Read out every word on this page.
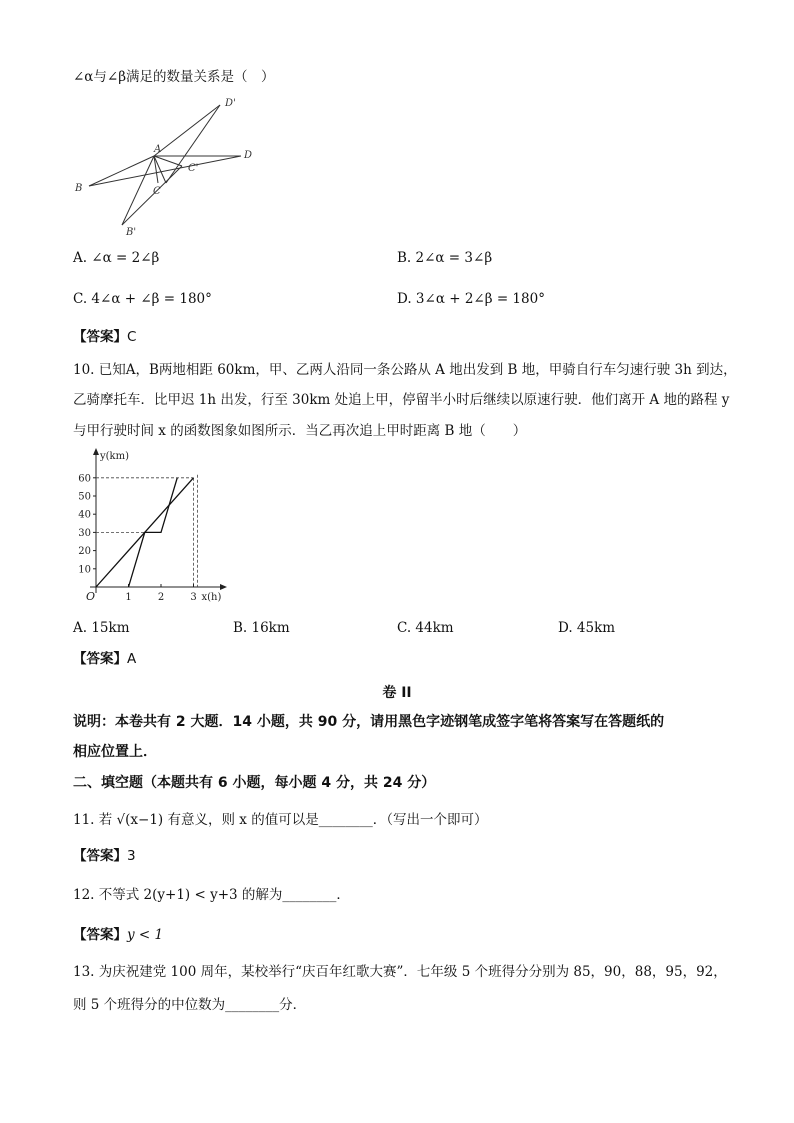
∠α与∠β满足的数量关系是（　）
A
B
D
D'
C
C'
B'
A. ∠α = 2∠β	B. 2∠α = 3∠β
C. 4∠α + ∠β = 180°	D. 3∠α + 2∠β = 180°
【答案】C
10. 已知A，B两地相距 60km，甲、乙两人沿同一条公路从 A 地出发到 B 地，甲骑自行车匀速行驶 3h 到达，
乙骑摩托车．比甲迟 1h 出发，行至 30km 处追上甲，停留半小时后继续以原速行驶．他们离开 A 地的路程 y
与甲行驶时间 x 的函数图象如图所示．当乙再次追上甲时距离 B 地（　　）
10
20
30
40
50
60
1	2	3
y(km)
x(h)
O
A. 15km	B. 16km	C. 44km	D. 45km
【答案】A
卷 II
说明：本卷共有 2 大题．14 小题，共 90 分，请用黑色字迹钢笔成签字笔将答案写在答题纸的
相应位置上．
二、填空题（本题共有 6 小题，每小题 4 分，共 24 分）
11. 若 √(x−1) 有意义，则 x 的值可以是________．（写出一个即可）
【答案】3
12. 不等式 2(y+1) < y+3 的解为________．
【答案】y < 1
13. 为庆祝建党 100 周年，某校举行“庆百年红歌大赛”．七年级 5 个班得分分别为 85，90，88，95，92，
则 5 个班得分的中位数为________分．
